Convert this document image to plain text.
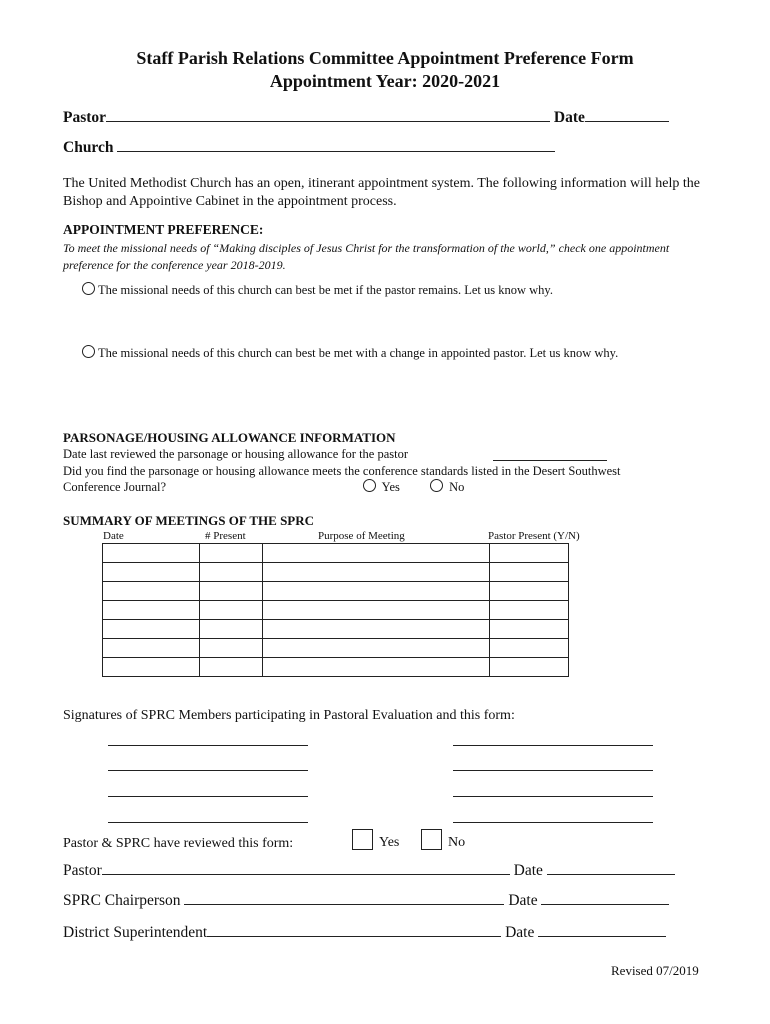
Staff Parish Relations Committee Appointment Preference Form
Appointment Year: 2020-2021
Pastor	Date
Church
The United Methodist Church has an open, itinerant appointment system. The following information will help the Bishop and Appointive Cabinet in the appointment process.
APPOINTMENT PREFERENCE:
To meet the missional needs of “Making disciples of Jesus Christ for the transformation of the world,” check one appointment preference for the conference year 2018-2019.
The missional needs of this church can best be met if the pastor remains. Let us know why.
The missional needs of this church can best be met with a change in appointed pastor. Let us know why.
PARSONAGE/HOUSING ALLOWANCE INFORMATION
Date last reviewed the parsonage or housing allowance for the pastor
Did you find the parsonage or housing allowance meets the conference standards listed in the Desert Southwest
Conference Journal?	Yes	No
SUMMARY OF MEETINGS OF THE SPRC
Date	# Present	Purpose of Meeting	Pastor Present (Y/N)

Signatures of SPRC Members participating in Pastoral Evaluation and this form:
Pastor & SPRC have reviewed this form:	Yes	No
Pastor	Date
SPRC Chairperson	Date
District Superintendent	Date
Revised 07/2019
